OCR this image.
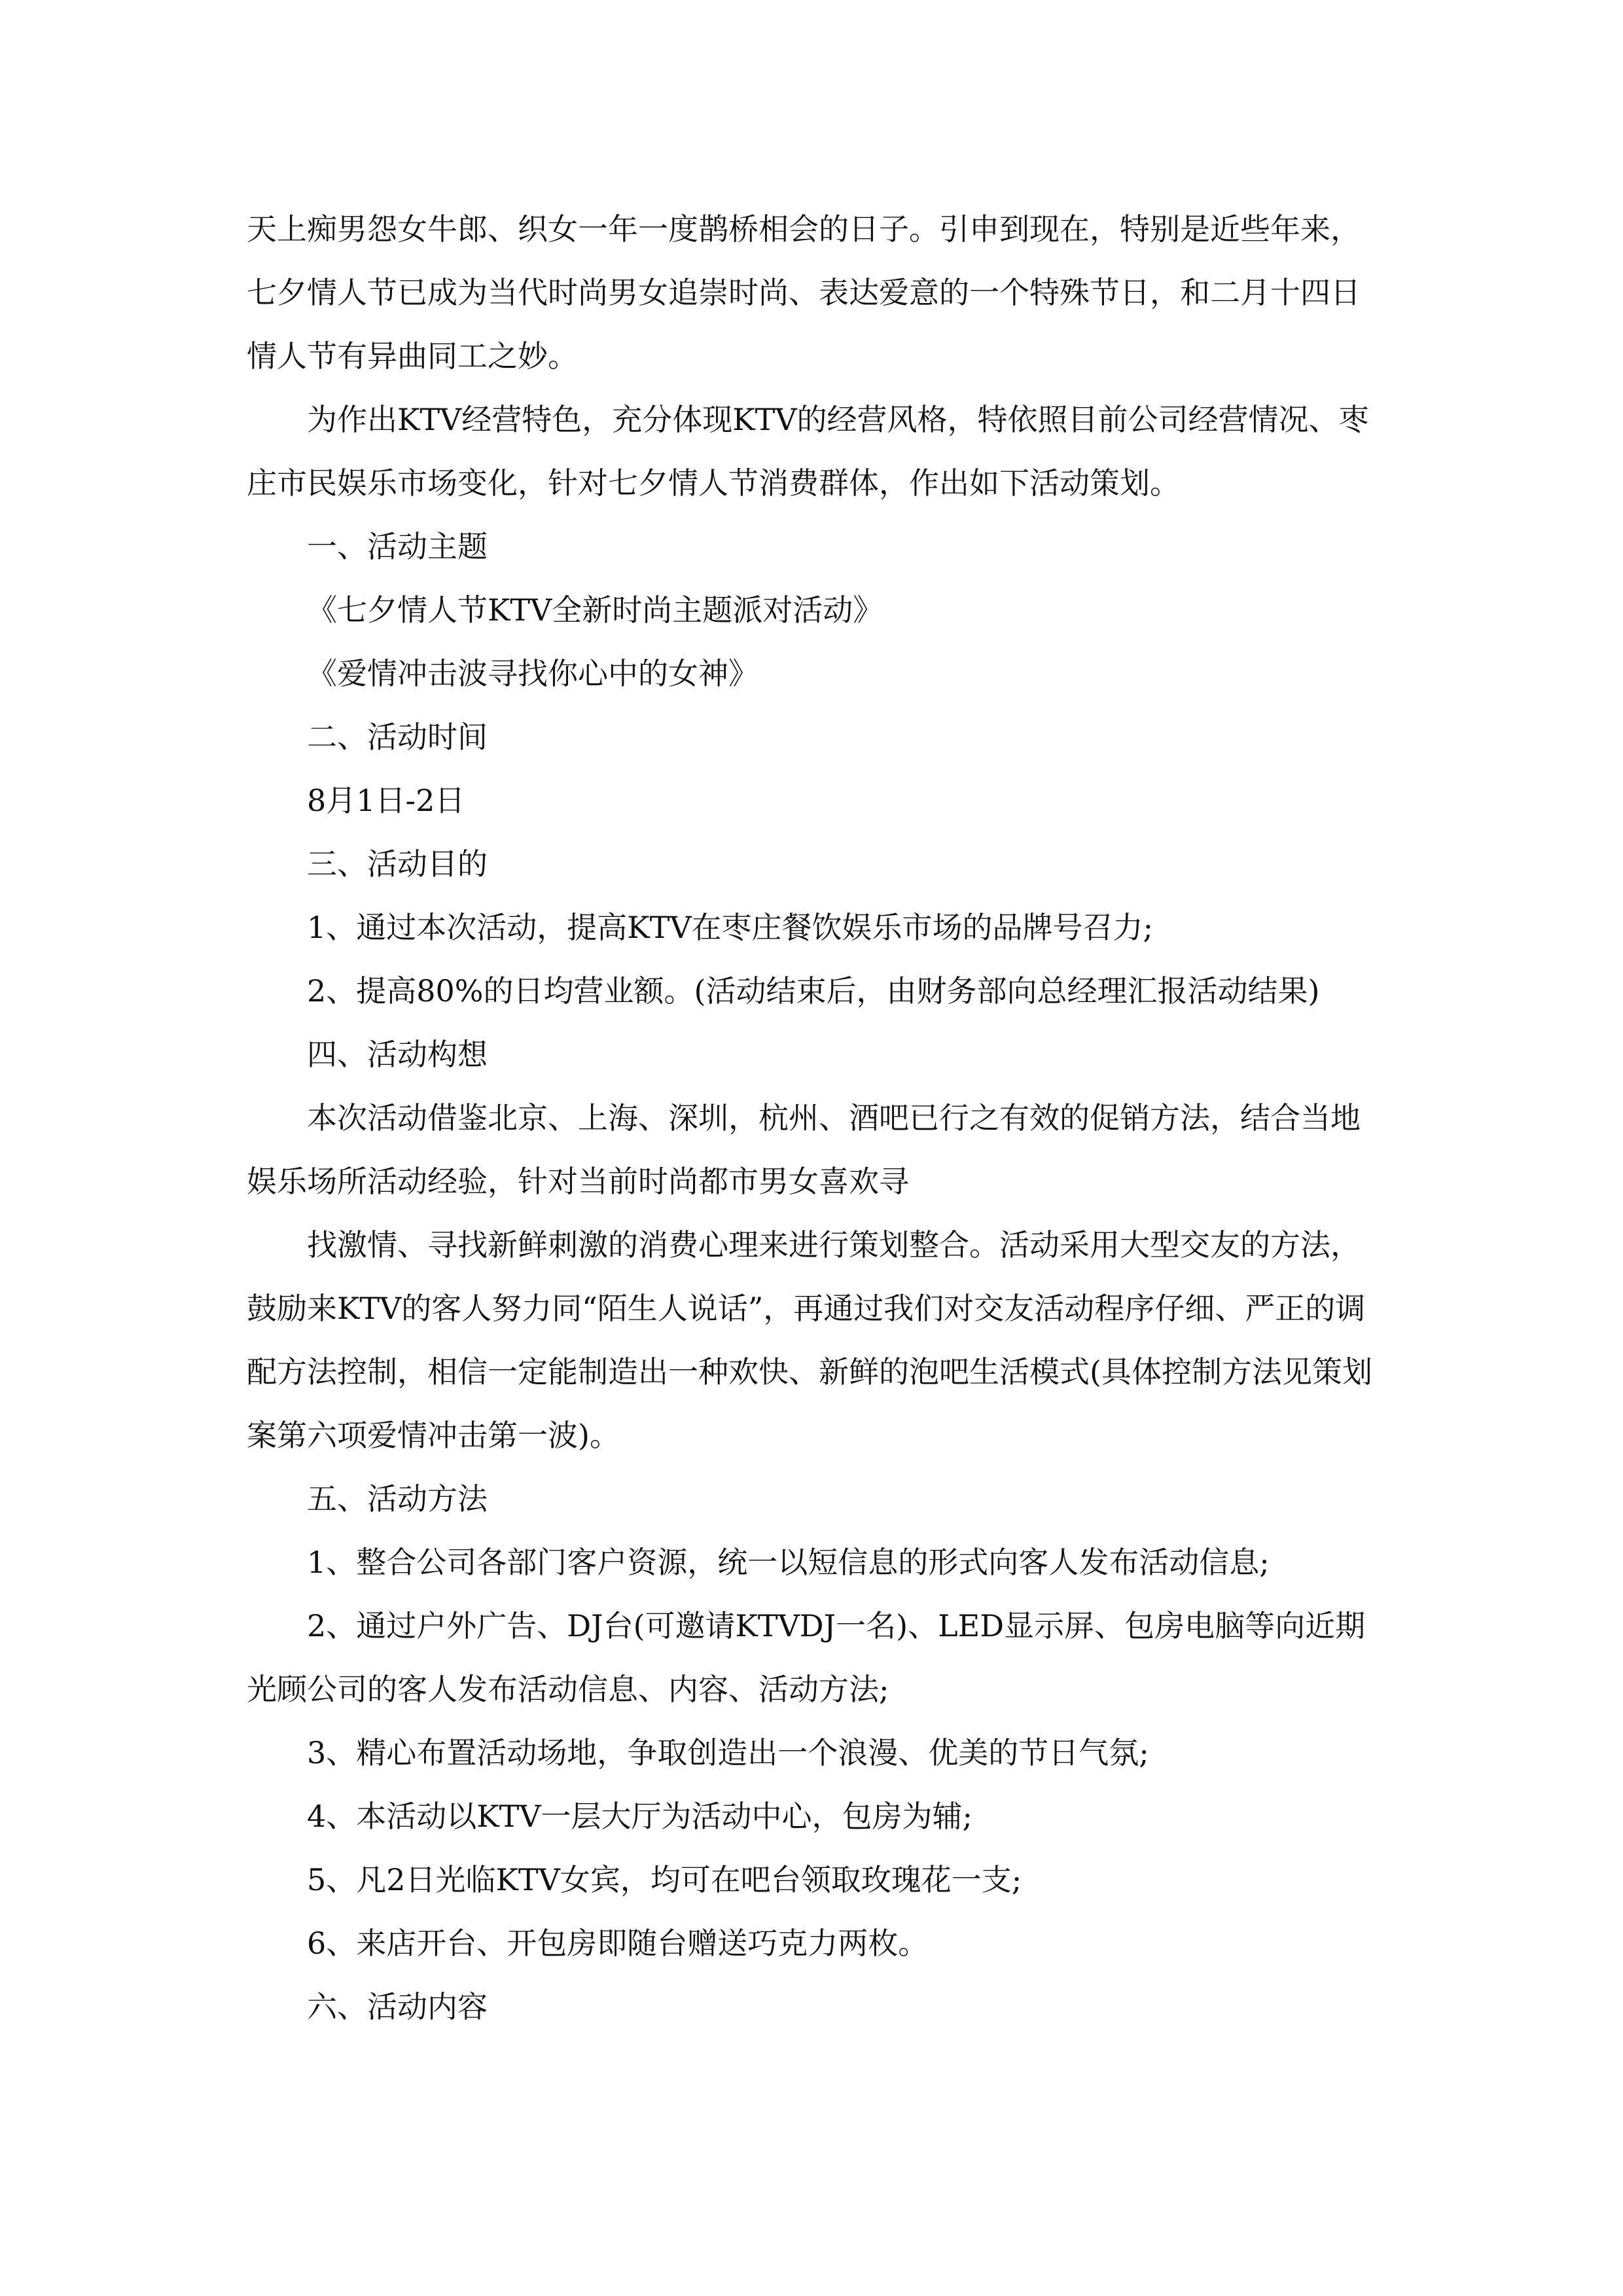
天上痴男怨女牛郎、织女一年一度鹊桥相会的日子。引申到现在，特别是近些年来，七夕情人节已成为当代时尚男女追崇时尚、表达爱意的一个特殊节日，和二月十四日情人节有异曲同工之妙。

为作出KTV经营特色，充分体现KTV的经营风格，特依照目前公司经营情况、枣庄市民娱乐市场变化，针对七夕情人节消费群体，作出如下活动策划。

一、活动主题

《七夕情人节KTV全新时尚主题派对活动》

《爱情冲击波寻找你心中的女神》

二、活动时间

8月1日-2日

三、活动目的

1、通过本次活动，提高KTV在枣庄餐饮娱乐市场的品牌号召力;

2、提高80%的日均营业额。(活动结束后，由财务部向总经理汇报活动结果)

四、活动构想

本次活动借鉴北京、上海、深圳，杭州、酒吧已行之有效的促销方法，结合当地娱乐场所活动经验，针对当前时尚都市男女喜欢寻

找激情、寻找新鲜刺激的消费心理来进行策划整合。活动采用大型交友的方法，鼓励来KTV的客人努力同“陌生人说话”，再通过我们对交友活动程序仔细、严正的调配方法控制，相信一定能制造出一种欢快、新鲜的泡吧生活模式(具体控制方法见策划案第六项爱情冲击第一波)。

五、活动方法

1、整合公司各部门客户资源，统一以短信息的形式向客人发布活动信息;

2、通过户外广告、DJ台(可邀请KTVDJ一名)、LED显示屏、包房电脑等向近期光顾公司的客人发布活动信息、内容、活动方法;

3、精心布置活动场地，争取创造出一个浪漫、优美的节日气氛;

4、本活动以KTV一层大厅为活动中心，包房为辅;

5、凡2日光临KTV女宾，均可在吧台领取玫瑰花一支;

6、来店开台、开包房即随台赠送巧克力两枚。

六、活动内容
